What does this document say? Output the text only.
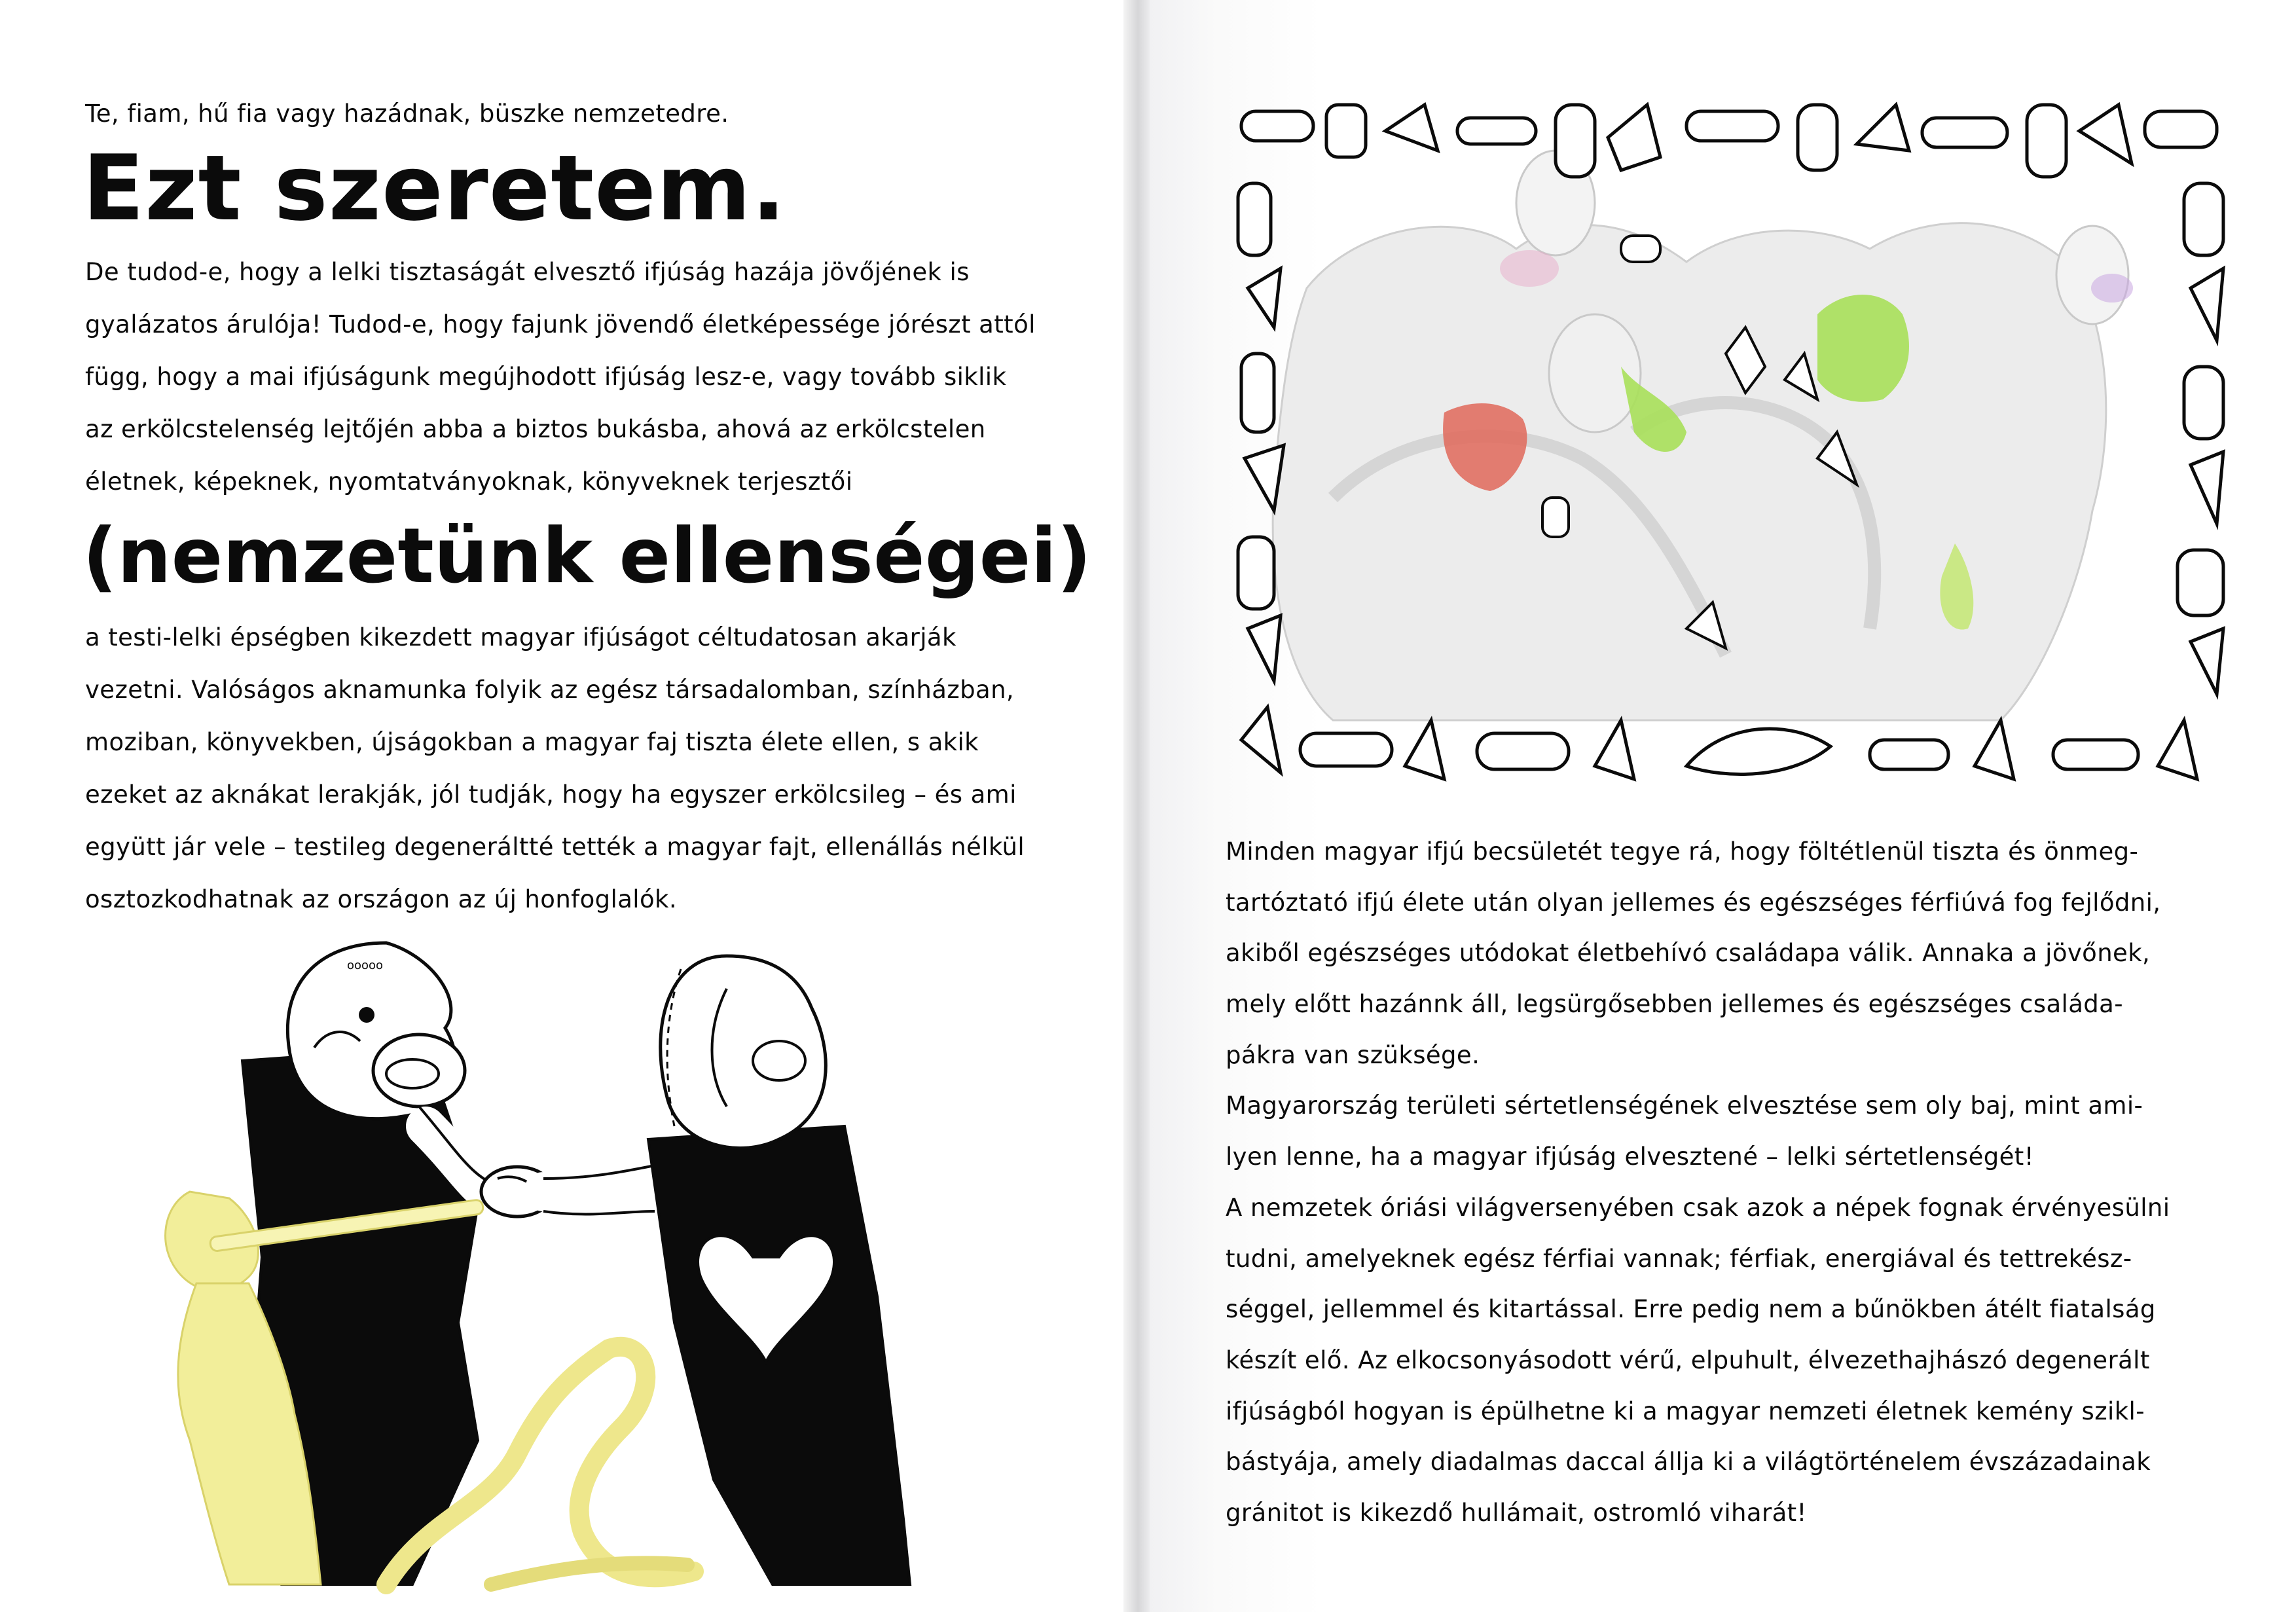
Te, fiam, hű fia vagy hazádnak, büszke nemzetedre.
Ezt szeretem.
De tudod-e, hogy a lelki tisztaságát elvesztő ifjúság hazája jövőjének is
gyalázatos árulója! Tudod-e, hogy fajunk jövendő életképessége jórészt attól
függ, hogy a mai ifjúságunk megújhodott ifjúság lesz-e, vagy tovább siklik
az erkölcstelenség lejtőjén abba a biztos bukásba, ahová az erkölcstelen
életnek, képeknek, nyomtatványoknak, könyveknek terjesztői
(nemzetünk ellenségei)
a testi-lelki épségben kikezdett magyar ifjúságot céltudatosan akarják
vezetni. Valóságos aknamunka folyik az egész társadalomban, színházban,
moziban, könyvekben, újságokban a magyar faj tiszta élete ellen, s akik
ezeket az aknákat lerakják, jól tudják, hogy ha egyszer erkölcsileg – és ami
együtt jár vele – testileg degeneráltté tették a magyar fajt, ellenállás nélkül
osztozkodhatnak az országon az új honfoglalók.
ooooo
Minden magyar ifjú becsületét tegye rá, hogy föltétlenül tiszta és önmeg-
tartóztató ifjú élete után olyan jellemes és egészséges férfiúvá fog fejlődni,
akiből egészséges utódokat életbehívó családapa válik. Annaka a jövőnek,
mely előtt hazánnk áll, legsürgősebben jellemes és egészséges családa-
pákra van szüksége.
Magyarország területi sértetlenségének elvesztése sem oly baj, mint ami-
lyen lenne, ha a magyar ifjúság elvesztené – lelki sértetlenségét!
A nemzetek óriási világversenyében csak azok a népek fognak érvényesülni
tudni, amelyeknek egész férfiai vannak; férfiak, energiával és tettrekész-
séggel, jellemmel és kitartással. Erre pedig nem a bűnökben átélt fiatalság
készít elő. Az elkocsonyásodott vérű, elpuhult, élvezethajhászó degenerált
ifjúságból hogyan is épülhetne ki a magyar nemzeti életnek kemény szikl-
bástyája, amely diadalmas daccal állja ki a világtörténelem évszázadainak
gránitot is kikezdő hullámait, ostromló viharát!
